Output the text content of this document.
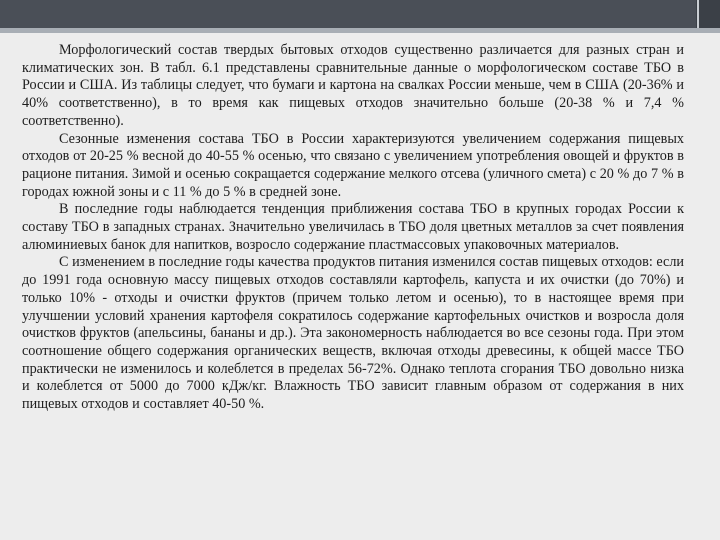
Морфологический состав твердых бытовых отходов существенно различается для разных стран и климатических зон. В табл. 6.1 представлены сравнительные данные о морфологическом составе ТБО в России и США. Из таблицы следует, что бумаги и картона на свалках России меньше, чем в США (20-36% и 40% соответственно), в то время как пищевых отходов значительно больше (20-38 % и 7,4 % соответственно).

Сезонные изменения состава ТБО в России характеризуются увеличением содержания пищевых отходов от 20-25 % весной до 40-55 % осенью, что связано с увеличением употребления овощей и фруктов в рационе питания. Зимой и осенью сокращается содержание мелкого отсева (уличного смета) с 20 % до 7 % в городах южной зоны и с 11 % до 5 % в средней зоне.

В последние годы наблюдается тенденция приближения состава ТБО в крупных городах России к составу ТБО в западных странах. Значительно увеличилась в ТБО доля цветных металлов за счет появления алюминиевых банок для напитков, возросло содержание пластмассовых упаковочных материалов.

С изменением в последние годы качества продуктов питания изменился состав пищевых отходов: если до 1991 года основную массу пищевых отходов составляли картофель, капуста и их очистки (до 70%) и только 10% - отходы и очистки фруктов (причем только летом и осенью), то в настоящее время при улучшении условий хранения картофеля сократилось содержание картофельных очистков и возросла доля очистков фруктов (апельсины, бананы и др.). Эта закономерность наблюдается во все сезоны года. При этом соотношение общего содержания органических веществ, включая отходы древесины, к общей массе ТБО практически не изменилось и колеблется в пределах 56-72%. Однако теплота сгорания ТБО довольно низка и колеблется от 5000 до 7000 кДж/кг. Влажность ТБО зависит главным образом от содержания в них пищевых отходов и составляет 40-50 %.
